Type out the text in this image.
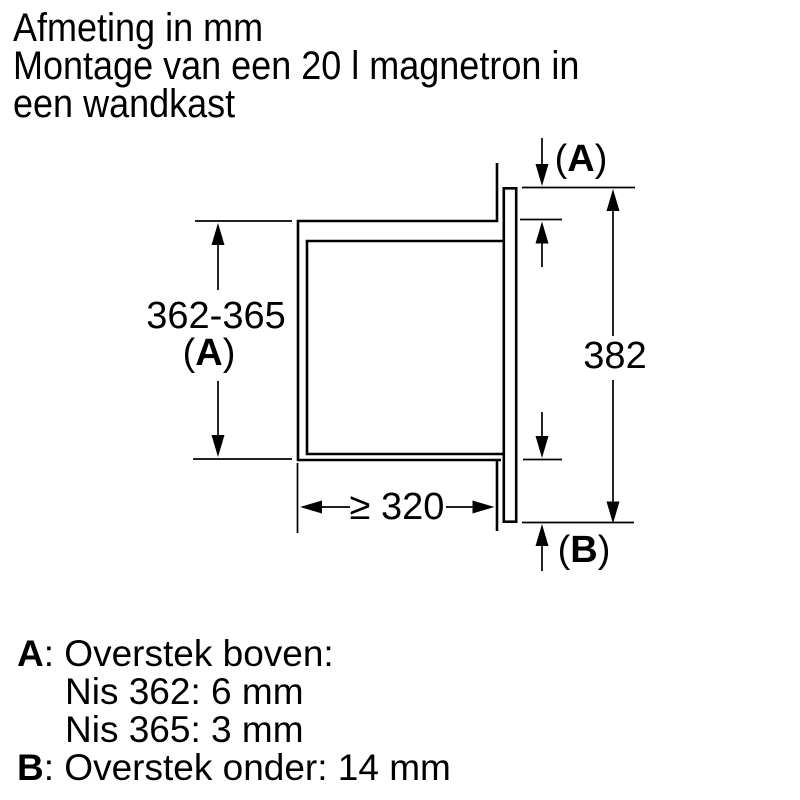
Afmeting in mm
Montage van een 20 l magnetron in
een wandkast
362-365
(A)
(A)
382
≥ 320
(B)
A: Overstek boven:
Nis 362: 6 mm
Nis 365: 3 mm
B: Overstek onder: 14 mm
